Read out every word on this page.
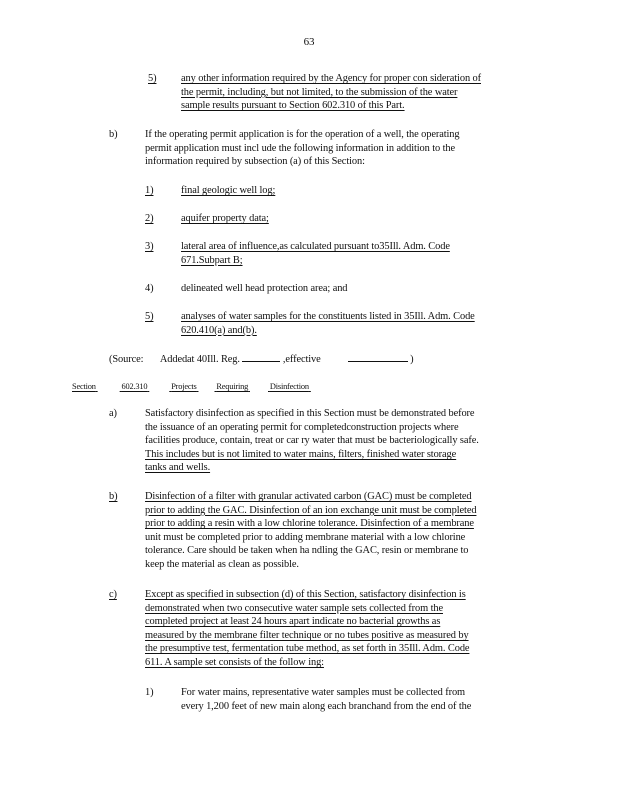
63
5)	any other information required by the Agency for proper con sideration of
the permit, including, but not limited, to the submission of the water
sample results pursuant to Section 602.310 of this Part.
b)	If the operating permit application is for the operation of a well, the operating
permit application must incl ude the following information in addition to the
information required by subsection (a) of this Section:
1)	final geologic well log;
2)	aquifer property data;
3)	lateral area of influence,as calculated pursuant to35Ill. Adm. Code
671.Subpart B;
4)	delineated well head protection area; and
5)	analyses of water samples for the constituents listed in 35Ill. Adm. Code
620.410(a) and(b).
(Source: Addedat 40Ill. Reg.	,effective	)
Section	602.310	Projects Requiring	Disinfection
a)	Satisfactory disinfection as specified in this Section must be demonstrated before
the issuance of an operating permit for completedconstruction projects where
facilities produce, contain, treat or car ry water that must be bacteriologically safe.
This includes but is not limited to water mains, filters, finished water storage
tanks and wells.
b)	Disinfection of a filter with granular activated carbon (GAC) must be completed
prior to adding the GAC. Disinfection of an ion exchange unit must be completed
prior to adding a resin with a low chlorine tolerance. Disinfection of a membrane
unit must be completed prior to adding membrane material with a low chlorine
tolerance. Care should be taken when ha ndling the GAC, resin or membrane to
keep the material as clean as possible.
c)	Except as specified in subsection (d) of this Section, satisfactory disinfection is
demonstrated when two consecutive water sample sets collected from the
completed project at least 24 hours apart indicate no bacterial growths as
measured by the membrane filter technique or no tubes positive as measured by
the presumptive test, fermentation tube method, as set forth in 35Ill. Adm. Code
611. A sample set consists of the follow ing:
1)	For water mains, representative water samples must be collected from
every 1,200 feet of new main along each branchand from the end of the
